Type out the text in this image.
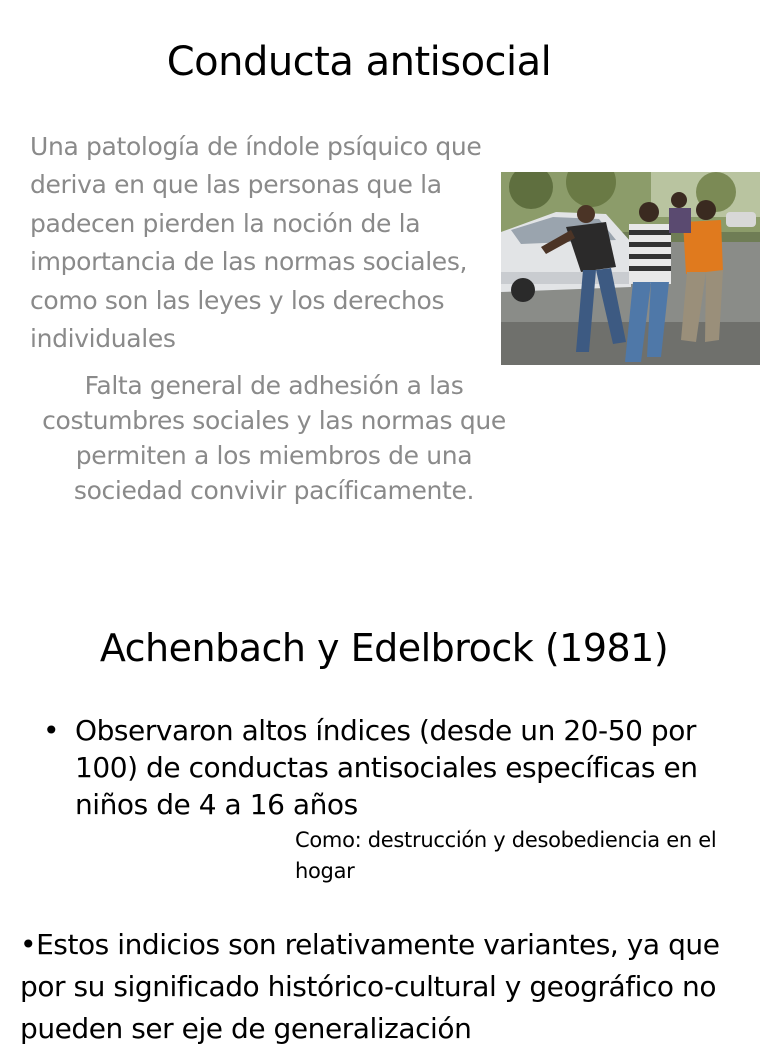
Conducta antisocial
Una patología de índole psíquico que deriva en que las personas que la padecen pierden la noción de la importancia de las normas sociales, como son las leyes y los derechos individuales
Falta general de adhesión a las costumbres sociales y las normas que permiten a los miembros de una sociedad convivir pacíficamente.
Achenbach y Edelbrock (1981)
• Observaron altos índices (desde un 20-50 por 100) de conductas antisociales específicas en niños de 4 a 16 años
Como: destrucción y desobediencia en el hogar
•Estos indicios son relativamente variantes, ya que por su significado histórico-cultural y geográfico no pueden ser eje de generalización
